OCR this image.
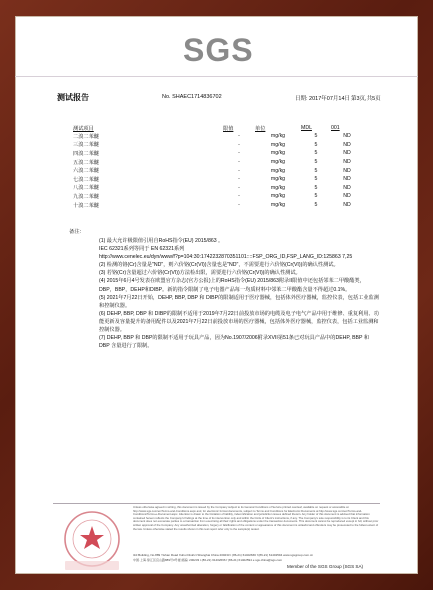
SGS
测试报告	No. SHAEC1714836702	日期: 2017年07月14日 第3页,共5页
测试项目	限值	单位	MDL	001
二溴二苯醚	-	mg/kg	5	ND
三溴二苯醚	-	mg/kg	5	ND
四溴二苯醚	-	mg/kg	5	ND
五溴二苯醚	-	mg/kg	5	ND
六溴二苯醚	-	mg/kg	5	ND
七溴二苯醚	-	mg/kg	5	ND
八溴二苯醚	-	mg/kg	5	ND
九溴二苯醚	-	mg/kg	5	ND
十溴二苯醚	-	mg/kg	5	ND
备注:

(1) 最大允许极限值引用自RoHS指令(EU) 2015/863 。

IEC 62321系列等同于 EN 62321系列

http://www.cenelec.eu/dyn/www/f?p=104:30:1742232870351101::::FSP_ORG_ID,FSP_LANG_ID:125863 7,25

(2) 检测的铬(Cr)含量是"ND"，则六价铬(Cr(VI))含量也是"ND"，不需要进行六价铬(Cr(VI))的确认性测试。

(3) 若铬(Cr)含量超过六价铬(Cr(VI))方法检出限，需要进行六价铬(Cr(VI))的确认性测试。

(4) 2015年6月4号发表在欧盟官方杂志(官方公报)上的RoHS指令(EU) 2015/863附录II限值中还包括邻苯二甲酸酯类，DBP，BBP，DEHP和DIBP。新的指令限制了电子电器产品每一均质材料中邻苯二甲酸酯含量不得超过0.1%。

(5) 2021年7月22日开始，DEHP, BBP, DBP 和 DIBP的限制适用于医疗器械，包括体外医疗器械，监控仪表，包括工业监测和控制仪器。

(6) DEHP, BBP, DBP 和 DIBP的限制不适用于2019年7月22日前投放市场的电缆及电子电气产品中用于维修、重复利用、功能更新及容量提升的备用配件以及2021年7月22日前投放市场的医疗器械，包括体外医疗器械，监控仪表，包括工业监测和控制仪器。

(7) DEHP, BBP 和 DBP的限制不适用于玩具产品，因为No.1907/2006附录XVII第51条已对玩具产品中的DEHP, BBP 和 DBP 含量进行了限制。

Unless otherwise agreed in writing, this document is issued by the Company subject to its General Conditions of Service printed overleaf, available on request or accessible at http://www.sgs.com/en/Terms-and-Conditions.aspx and, for electronic format documents, subject to Terms and Conditions for Electronic Documents at http://www.sgs.com/en/Terms-and-Conditions/Terms-e-Document.aspx. Attention is drawn to the limitation of liability, indemnification and jurisdiction issues defined therein. Any holder of this document is advised that information contained hereon reflects the Company's findings at the time of its intervention only and within the limits of Client's instructions, if any. The Company's sole responsibility is to its Client and this document does not exonerate parties to a transaction from exercising all their rights and obligations under the transaction documents. This document cannot be reproduced except in full, without prior written approval of the Company. Any unauthorized alteration, forgery or falsification of the content or appearance of this document is unlawful and offenders may be prosecuted to the fullest extent of the law. Unless otherwise stated the results shown in this test report refer only to the sample(s) tested.
3rd Building, No.889 Yishan Road Xuhui District Shanghai China 200233 t (86-21) 61402666 f (86-21) 61402594 www.sgsgroup.com.cn
中国·上海·徐汇区宜山路889号3号楼 邮编: 200233 t (86-21) 61402666 f (86-21) 61402594 e sgs.china@sgs.com
Member of the SGS Group (SGS SA)
